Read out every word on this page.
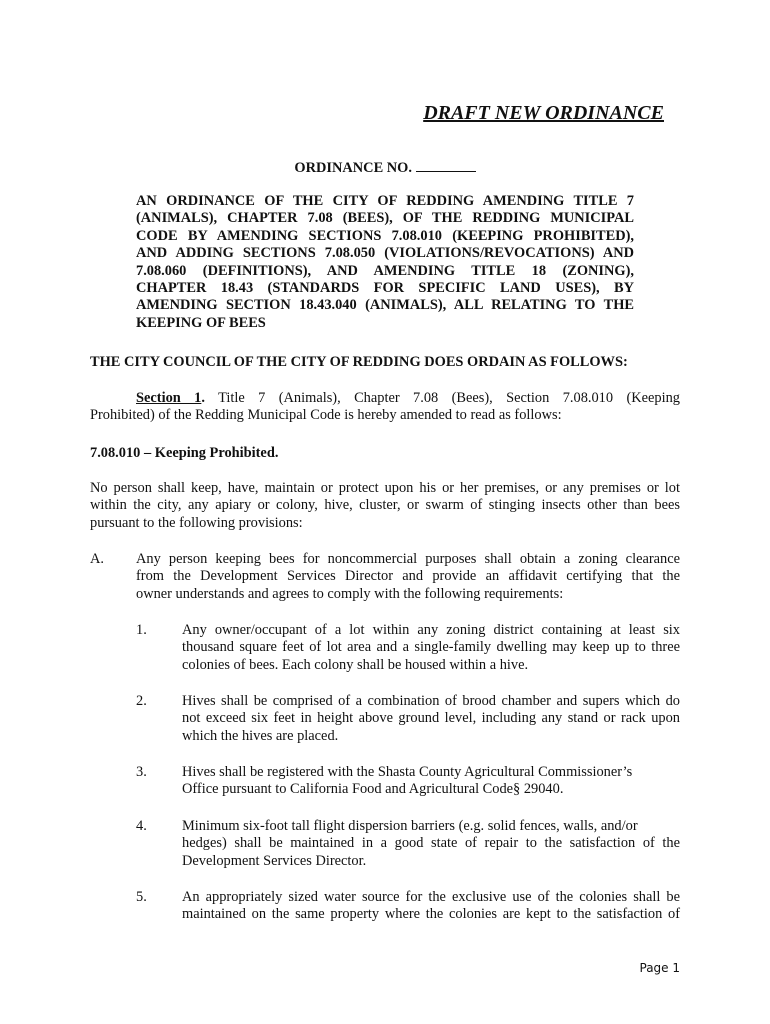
DRAFT NEW ORDINANCE
ORDINANCE NO.
AN ORDINANCE OF THE CITY OF REDDING AMENDING TITLE 7
(ANIMALS), CHAPTER 7.08 (BEES), OF THE REDDING MUNICIPAL
CODE BY AMENDING SECTIONS 7.08.010 (KEEPING PROHIBITED),
AND ADDING SECTIONS 7.08.050 (VIOLATIONS/REVOCATIONS) AND
7.08.060 (DEFINITIONS), AND AMENDING TITLE 18 (ZONING),
CHAPTER 18.43 (STANDARDS FOR SPECIFIC LAND USES), BY
AMENDING SECTION 18.43.040 (ANIMALS), ALL RELATING TO THE
KEEPING OF BEES
THE CITY COUNCIL OF THE CITY OF REDDING DOES ORDAIN AS FOLLOWS:
Section 1. Title 7 (Animals), Chapter 7.08 (Bees), Section 7.08.010 (Keeping
Prohibited) of the Redding Municipal Code is hereby amended to read as follows:
7.08.010 – Keeping Prohibited.
No person shall keep, have, maintain or protect upon his or her premises, or any premises or lot
within the city, any apiary or colony, hive, cluster, or swarm of stinging insects other than bees
pursuant to the following provisions:
A. Any person keeping bees for noncommercial purposes shall obtain a zoning clearance
from the Development Services Director and provide an affidavit certifying that the
owner understands and agrees to comply with the following requirements:
1. Any owner/occupant of a lot within any zoning district containing at least six
thousand square feet of lot area and a single-family dwelling may keep up to three
colonies of bees. Each colony shall be housed within a hive.
2. Hives shall be comprised of a combination of brood chamber and supers which do
not exceed six feet in height above ground level, including any stand or rack upon
which the hives are placed.
3. Hives shall be registered with the Shasta County Agricultural Commissioner’s
Office pursuant to California Food and Agricultural Code§ 29040.
4. Minimum six-foot tall flight dispersion barriers (e.g. solid fences, walls, and/or
hedges) shall be maintained in a good state of repair to the satisfaction of the
Development Services Director.
5. An appropriately sized water source for the exclusive use of the colonies shall be
maintained on the same property where the colonies are kept to the satisfaction of
Page 1
